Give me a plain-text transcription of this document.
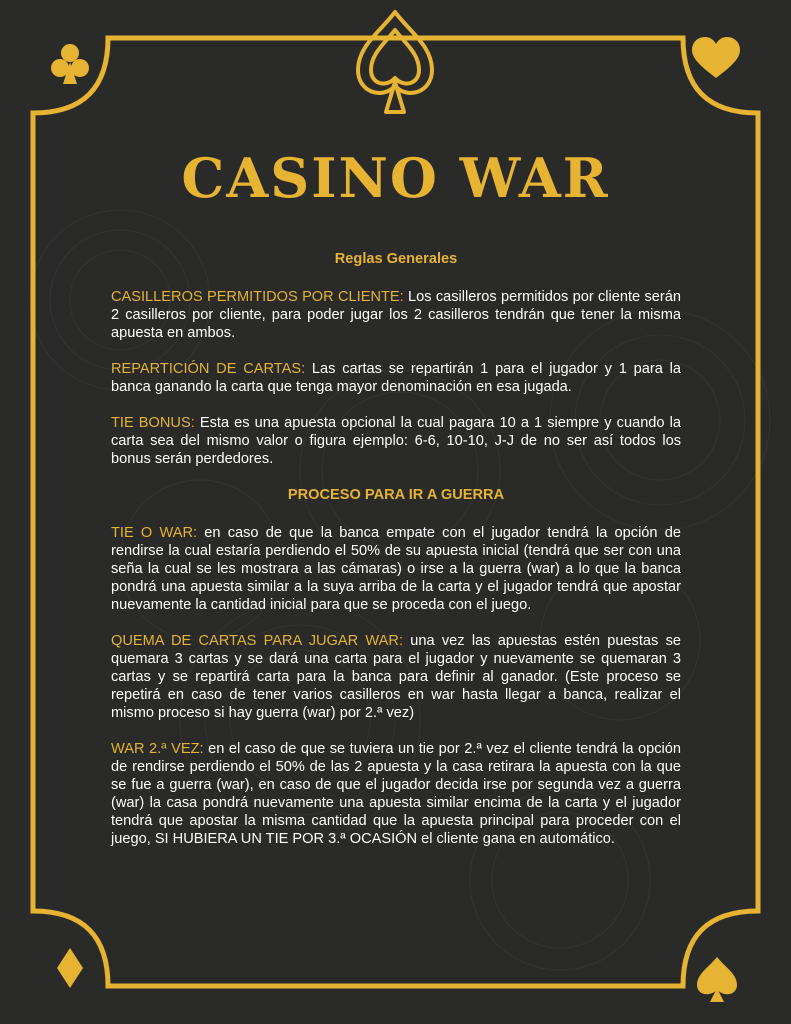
CASINO WAR
Reglas Generales

CASILLEROS PERMITIDOS POR CLIENTE: Los casilleros permitidos por cliente serán 2 casilleros por cliente, para poder jugar los 2 casilleros tendrán que tener la misma apuesta en ambos.

REPARTICIÓN DE CARTAS: Las cartas se repartirán 1 para el jugador y 1 para la banca ganando la carta que tenga mayor denominación en esa jugada.

TIE BONUS: Esta es una apuesta opcional la cual pagara 10 a 1 siempre y cuando la carta sea del mismo valor o figura ejemplo: 6-6, 10-10, J-J de no ser así todos los bonus serán perdedores.

PROCESO PARA IR A GUERRA

TIE O WAR: en caso de que la banca empate con el jugador tendrá la opción de rendirse la cual estaría perdiendo el 50% de su apuesta inicial (tendrá que ser con una seña la cual se les mostrara a las cámaras) o irse a la guerra (war) a lo que la banca pondrá una apuesta similar a la suya arriba de la carta y el jugador tendrá que apostar nuevamente la cantidad inicial para que se proceda con el juego.

QUEMA DE CARTAS PARA JUGAR WAR: una vez las apuestas estén puestas se quemara 3 cartas y se dará una carta para el jugador y nuevamente se quemaran 3 cartas y se repartirá carta para la banca para definir al ganador. (Este proceso se repetirá en caso de tener varios casilleros en war hasta llegar a banca, realizar el mismo proceso si hay guerra (war) por 2.ª vez)

WAR 2.ª VEZ: en el caso de que se tuviera un tie por 2.ª vez el cliente tendrá la opción de rendirse perdiendo el 50% de las 2 apuesta y la casa retirara la apuesta con la que se fue a guerra (war), en caso de que el jugador decida irse por segunda vez a guerra (war) la casa pondrá nuevamente una apuesta similar encima de la carta y el jugador tendrá que apostar la misma cantidad que la apuesta principal para proceder con el juego, SI HUBIERA UN TIE POR 3.ª OCASIÓN el cliente gana en automático.
